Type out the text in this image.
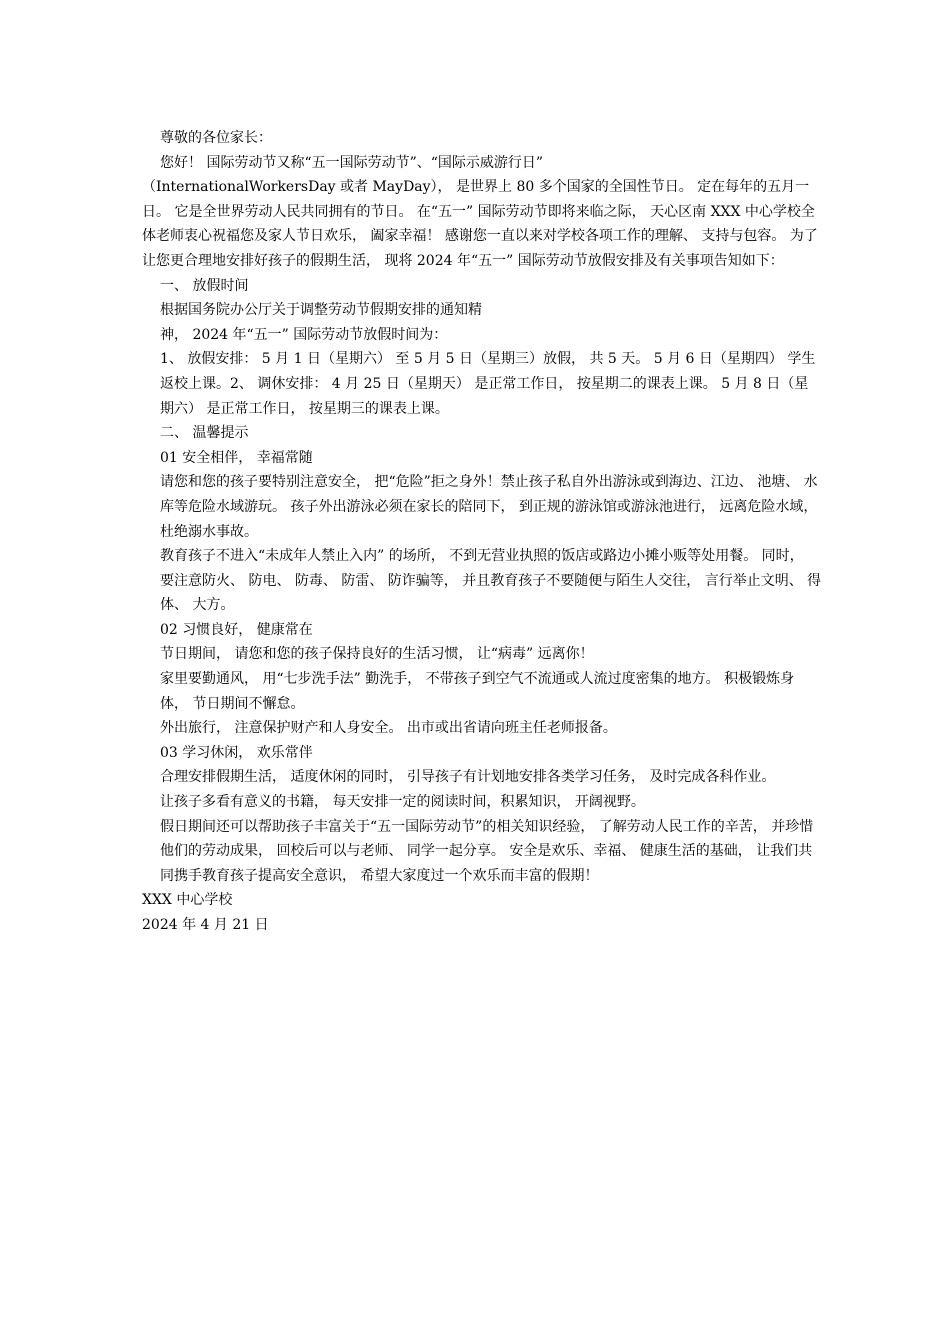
尊敬的各位家长：

您好！ 国际劳动节又称“五一国际劳动节”、“国际示威游行日”

（InternationalWorkersDay 或者 MayDay）， 是世界上 80 多个国家的全国性节日。 定在每年的五月一日。 它是全世界劳动人民共同拥有的节日。 在“五一” 国际劳动节即将来临之际， 天心区南 XXX 中心学校全体老师衷心祝福您及家人节日欢乐， 阖家幸福！ 感谢您一直以来对学校各项工作的理解、 支持与包容。 为了让您更合理地安排好孩子的假期生活， 现将 2024 年“五一” 国际劳动节放假安排及有关事项告知如下：

一、 放假时间

根据国务院办公厅关于调整劳动节假期安排的通知精

神， 2024 年“五一” 国际劳动节放假时间为：

1、 放假安排： 5 月 1 日（星期六） 至 5 月 5 日（星期三）放假， 共 5 天。 5 月 6 日（星期四） 学生返校上课。2、 调休安排： 4 月 25 日（星期天） 是正常工作日， 按星期二的课表上课。 5 月 8 日（星期六） 是正常工作日， 按星期三的课表上课。

二、 温馨提示

01 安全相伴， 幸福常随

请您和您的孩子要特别注意安全， 把“危险”拒之身外！禁止孩子私自外出游泳或到海边、江边、 池塘、 水库等危险水域游玩。 孩子外出游泳必须在家长的陪同下， 到正规的游泳馆或游泳池进行， 远离危险水域， 杜绝溺水事故。

教育孩子不进入“未成年人禁止入内” 的场所， 不到无营业执照的饭店或路边小摊小贩等处用餐。 同时， 要注意防火、 防电、 防毒、 防雷、 防诈骗等， 并且教育孩子不要随便与陌生人交往， 言行举止文明、 得体、 大方。

02 习惯良好， 健康常在

节日期间， 请您和您的孩子保持良好的生活习惯， 让“病毒” 远离你！

家里要勤通风， 用“七步洗手法” 勤洗手， 不带孩子到空气不流通或人流过度密集的地方。 积极锻炼身体， 节日期间不懈怠。

外出旅行， 注意保护财产和人身安全。 出市或出省请向班主任老师报备。

03 学习休闲， 欢乐常伴

合理安排假期生活， 适度休闲的同时， 引导孩子有计划地安排各类学习任务， 及时完成各科作业。

让孩子多看有意义的书籍， 每天安排一定的阅读时间，积累知识， 开阔视野。

假日期间还可以帮助孩子丰富关于“五一国际劳动节”的相关知识经验， 了解劳动人民工作的辛苦， 并珍惜他们的劳动成果， 回校后可以与老师、 同学一起分享。 安全是欢乐、幸福、 健康生活的基础， 让我们共同携手教育孩子提高安全意识， 希望大家度过一个欢乐而丰富的假期！

XXX 中心学校

2024 年 4 月 21 日
